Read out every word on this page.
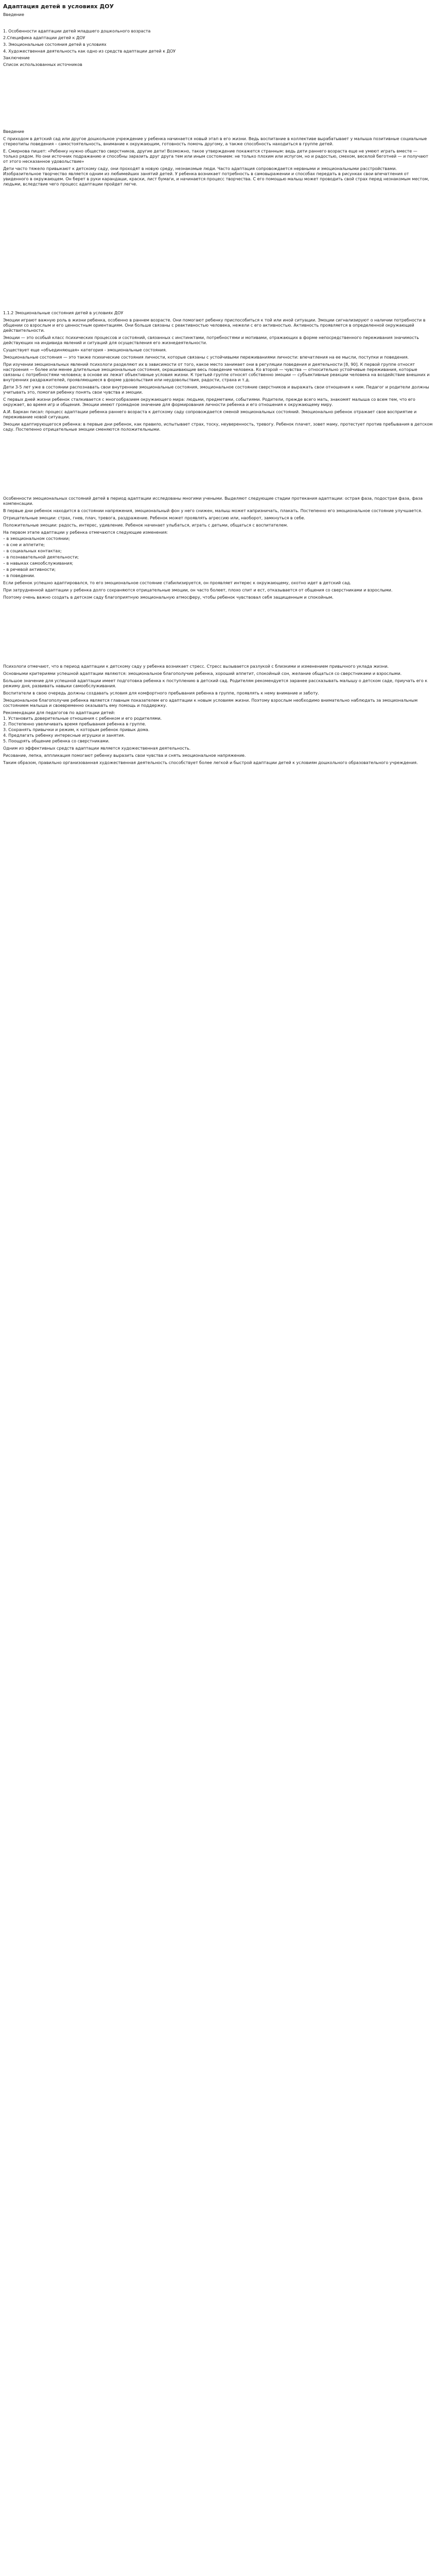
Адаптация детей в условиях ДОУ

Введение

1. Особенности адаптации детей младшего дошкольного возраста

2.Специфика адаптации детей к ДОУ

3. Эмоциональные состояния детей в условиях

4. Художественная деятельность как одно из средств адаптации детей к ДОУ

Заключение

Список использованных источников

Введение

С приходом в детский сад или другое дошкольное учреждение у ребенка начинается новый этап в его жизни. Ведь воспитание в коллективе вырабатывает у малыша позитивные социальные стереотипы поведения – самостоятельность, внимание к окружающим, готовность помочь другому, а также способность находиться в группе детей.

Е. Смирнова пишет: «Ребенку нужно общество сверстников, другие дети! Возможно, такое утверждение покажется странным: ведь дети раннего возраста еще не умеют играть вместе — только рядом. Но они источник подражанию и способны заразить друг друга тем или иным состоянием: не только плохим или испугом, но и радостью, смехом, веселой беготней — и получают от этого несказанное удовольствие»

Дети часто тяжело привыкают к детскому саду, они проходят в новую среду, незнакомые люди. Часто адаптация сопровождается нервными и эмоциональными расстройствами. Изобразительное творчество является одним из любимейших занятий детей. У ребенка возникает потребность в самовыражении и способах передать в рисунках свои впечатления от увиденного в окружающем. Он берет в руки карандаши, краски, лист бумаги, и начинается процесс творчества. С его помощью малыш может проводить свой страх перед незнакомым местом, людьми, вследствие чего процесс адаптации пройдет легче.

1.1.2 Эмоциональные состояния детей в условиях ДОУ

Эмоции играют важную роль в жизни ребенка, особенно в раннем возрасте. Они помогают ребенку приспособиться к той или иной ситуации. Эмоции сигнализируют о наличии потребности в общении со взрослым и его ценностным ориентациям. Они больше связаны с реактивностью человека, нежели с его активностью. Активность проявляется в определенной окружающей действительности.

Эмоции — это особый класс психических процессов и состояний, связанных с инстинктами, потребностями и мотивами, отражающих в форме непосредственного переживания значимость действующих на индивида явлений и ситуаций для осуществления его жизнедеятельности.

Существует еще «объединяющая» категория - эмоциональные состояния.

Эмоциональные состояния — это также психические состояния личности, которые связаны с устойчивыми переживаниями личности: впечатления на ее мысли, поступки и поведения.

При изучении эмоциональных явлений психологи разделяют их в зависимости от того, какое место занимает они в регуляции поведения и деятельности [8, 90]. К первой группе относят настроения — более или менее длительные эмоциональные состояния, окрашивающие весь поведение человека. Ко второй — чувства — относительно устойчивые переживания, которые связаны с потребностями человека; в основе их лежат объективные условия жизни. К третьей группе относят собственно эмоции — субъективные реакции человека на воздействие внешних и внутренних раздражителей, проявляющиеся в форме удовольствия или неудовольствия, радости, страха и т.д.

Дети 3-5 лет уже в состоянии распознавать свои внутренние эмоциональные состояния, эмоциональное состояние сверстников и выражать свои отношения к ним. Педагог и родители должны учитывать это, помогая ребенку понять свои чувства и эмоции.

С первых дней жизни ребенок сталкивается с многообразием окружающего мира: людьми, предметами, событиями. Родители, прежде всего мать, знакомят малыша со всем тем, что его окружает, во время игр и общения. Эмоции имеют громадное значение для формирования личности ребенка и его отношения к окружающему миру.

А.И. Баркан писал: процесс адаптации ребенка раннего возраста к детскому саду сопровождается сменой эмоциональных состояний. Эмоционально ребенок отражает свое восприятие и переживание новой ситуации.

Эмоции адаптирующегося ребенка: в первые дни ребенок, как правило, испытывает страх, тоску, неуверенность, тревогу. Ребенок плачет, зовет маму, протестует против пребывания в детском саду. Постепенно отрицательные эмоции сменяются положительными.

Особенности эмоциональных состояний детей в период адаптации исследованы многими учеными. Выделяют следующие стадии протекания адаптации: острая фаза, подострая фаза, фаза компенсации.

В первые дни ребенок находится в состоянии напряжения, эмоциональный фон у него снижен, малыш может капризничать, плакать. Постепенно его эмоциональное состояние улучшается.

Отрицательные эмоции: страх, гнев, плач, тревога, раздражение. Ребенок может проявлять агрессию или, наоборот, замкнуться в себе.

Положительные эмоции: радость, интерес, удивление. Ребенок начинает улыбаться, играть с детьми, общаться с воспитателем.

На первом этапе адаптации у ребенка отмечаются следующие изменения:

– в эмоциональном состоянии;

– в сне и аппетите;

– в социальных контактах;

– в познавательной деятельности;

– в навыках самообслуживания;

– в речевой активности;

– в поведении.

Если ребенок успешно адаптировался, то его эмоциональное состояние стабилизируется, он проявляет интерес к окружающему, охотно идет в детский сад.

При затрудненной адаптации у ребенка долго сохраняются отрицательные эмоции, он часто болеет, плохо спит и ест, отказывается от общения со сверстниками и взрослыми.

Поэтому очень важно создать в детском саду благоприятную эмоциональную атмосферу, чтобы ребенок чувствовал себя защищенным и спокойным.

Психологи отмечают, что в период адаптации к детскому саду у ребенка возникает стресс. Стресс вызывается разлукой с близкими и изменением привычного уклада жизни.

Основными критериями успешной адаптации являются: эмоциональное благополучие ребенка, хороший аппетит, спокойный сон, желание общаться со сверстниками и взрослыми.

Большое значение для успешной адаптации имеет подготовка ребенка к поступлению в детский сад. Родителям рекомендуется заранее рассказывать малышу о детском саде, приучать его к режиму дня, развивать навыки самообслуживания.

Воспитатели в свою очередь должны создавать условия для комфортного пребывания ребенка в группе, проявлять к нему внимание и заботу.

Эмоциональное благополучие ребенка является главным показателем его адаптации к новым условиям жизни. Поэтому взрослым необходимо внимательно наблюдать за эмоциональным состоянием малыша и своевременно оказывать ему помощь и поддержку.

Рекомендации для педагогов по адаптации детей:

1. Установить доверительные отношения с ребенком и его родителями.

2. Постепенно увеличивать время пребывания ребенка в группе.

3. Сохранять привычки и режим, к которым ребенок привык дома.

4. Предлагать ребенку интересные игрушки и занятия.

5. Поощрять общение ребенка со сверстниками.

Одним из эффективных средств адаптации является художественная деятельность.

Рисование, лепка, аппликация помогают ребенку выразить свои чувства и снять эмоциональное напряжение.

Таким образом, правильно организованная художественная деятельность способствует более легкой и быстрой адаптации детей к условиям дошкольного образовательного учреждения.
